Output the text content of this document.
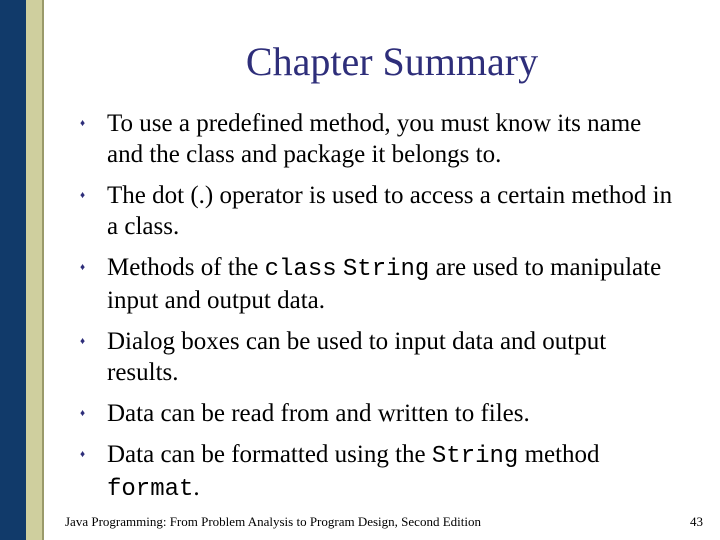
Chapter Summary
♦ To use a predefined method, you must know its name and the class and package it belongs to.
♦ The dot (.) operator is used to access a certain method in a class.
♦ Methods of the class String are used to manipulate input and output data.
♦ Dialog boxes can be used to input data and output results.
♦ Data can be read from and written to files.
♦ Data can be formatted using the String method format.
Java Programming: From Problem Analysis to Program Design, Second Edition	43
